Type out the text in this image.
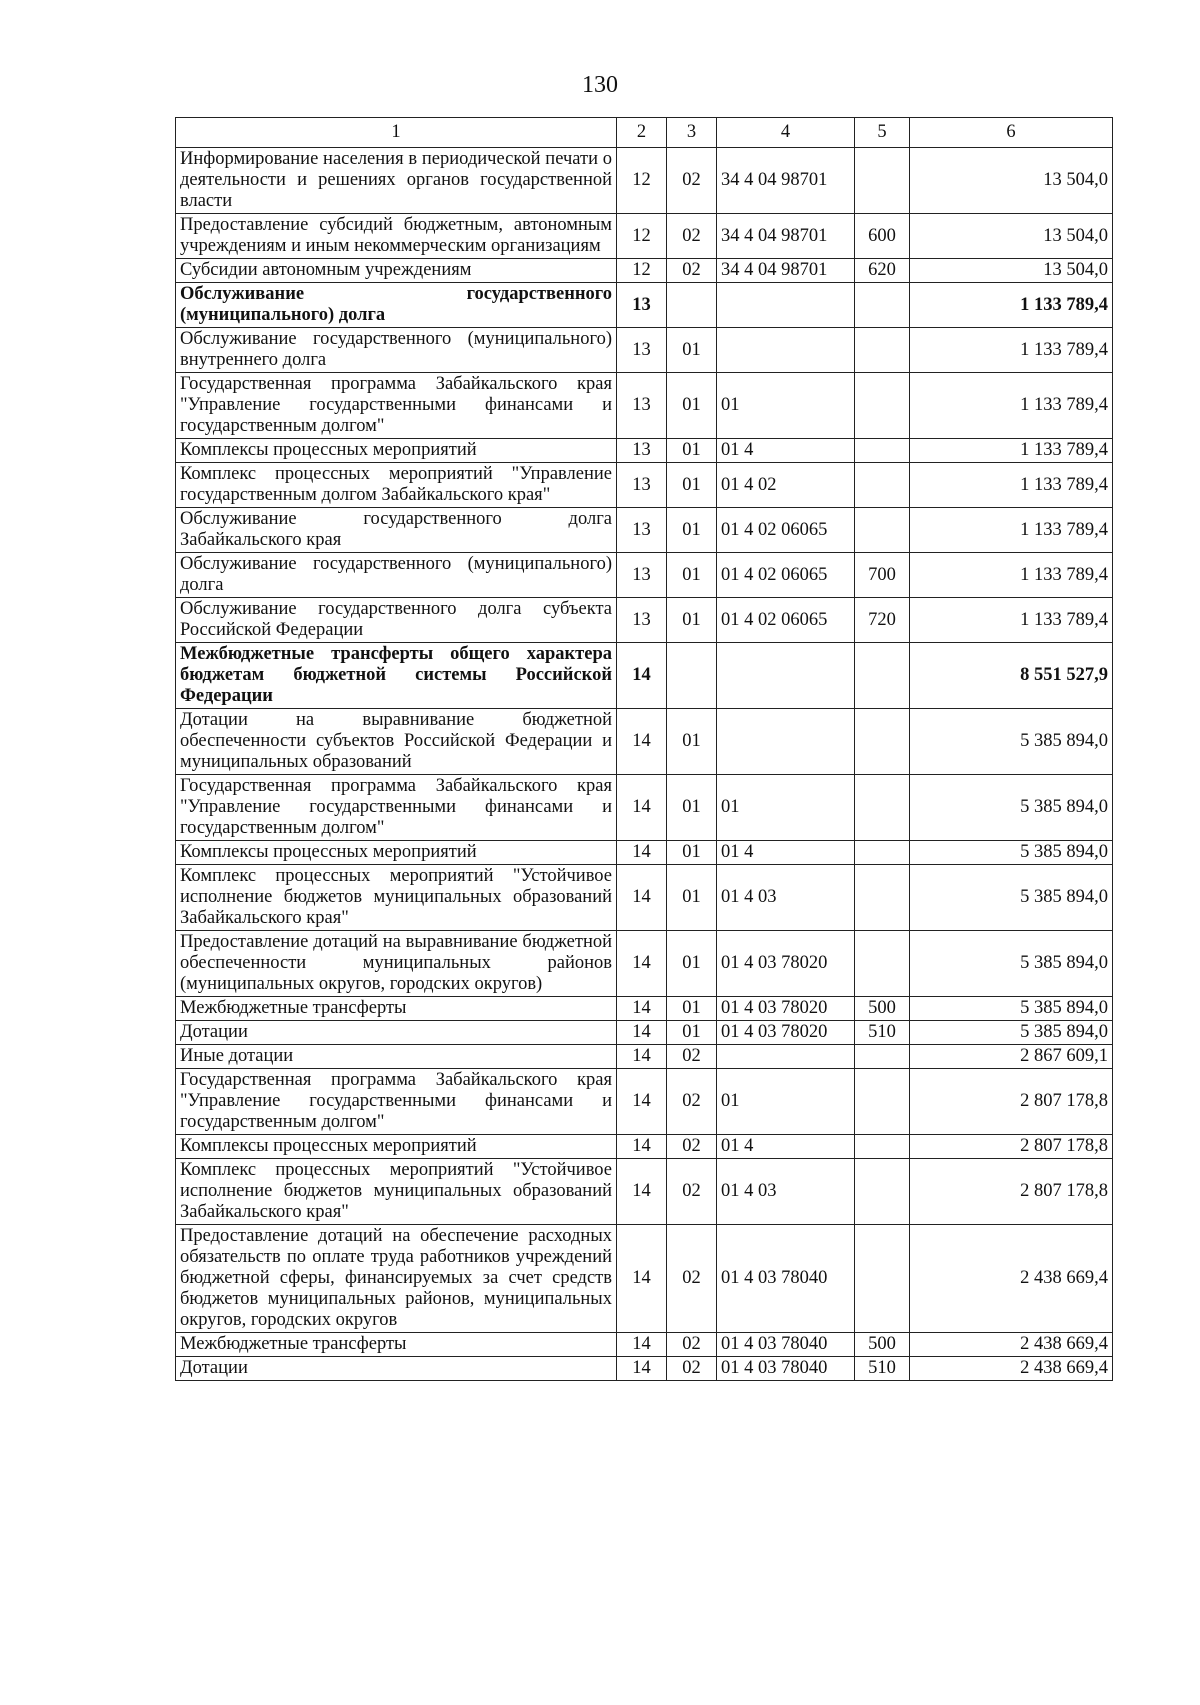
130
1	2	3	4	5	6
Информирование населения в периодической печати о деятельности и решениях органов государственной власти	12	02	34 4 04 98701		13 504,0
Предоставление субсидий бюджетным, автономным учреждениям и иным некоммерческим организациям	12	02	34 4 04 98701	600	13 504,0
Субсидии автономным учреждениям	12	02	34 4 04 98701	620	13 504,0
Обслуживание государственного (муниципального) долга	13				1 133 789,4
Обслуживание государственного (муниципального) внутреннего долга	13	01			1 133 789,4
Государственная программа Забайкальского края "Управление государственными финансами и государственным долгом"	13	01	01		1 133 789,4
Комплексы процессных мероприятий	13	01	01 4		1 133 789,4
Комплекс процессных мероприятий "Управление государственным долгом Забайкальского края"	13	01	01 4 02		1 133 789,4
Обслуживание государственного долга Забайкальского края	13	01	01 4 02 06065		1 133 789,4
Обслуживание государственного (муниципального) долга	13	01	01 4 02 06065	700	1 133 789,4
Обслуживание государственного долга субъекта Российской Федерации	13	01	01 4 02 06065	720	1 133 789,4
Межбюджетные трансферты общего характера бюджетам бюджетной системы Российской Федерации	14				8 551 527,9
Дотации на выравнивание бюджетной обеспеченности субъектов Российской Федерации и муниципальных образований	14	01			5 385 894,0
Государственная программа Забайкальского края "Управление государственными финансами и государственным долгом"	14	01	01		5 385 894,0
Комплексы процессных мероприятий	14	01	01 4		5 385 894,0
Комплекс процессных мероприятий "Устойчивое исполнение бюджетов муниципальных образований Забайкальского края"	14	01	01 4 03		5 385 894,0
Предоставление дотаций на выравнивание бюджетной обеспеченности муниципальных районов (муниципальных округов, городских округов)	14	01	01 4 03 78020		5 385 894,0
Межбюджетные трансферты	14	01	01 4 03 78020	500	5 385 894,0
Дотации	14	01	01 4 03 78020	510	5 385 894,0
Иные дотации	14	02			2 867 609,1
Государственная программа Забайкальского края "Управление государственными финансами и государственным долгом"	14	02	01		2 807 178,8
Комплексы процессных мероприятий	14	02	01 4		2 807 178,8
Комплекс процессных мероприятий "Устойчивое исполнение бюджетов муниципальных образований Забайкальского края"	14	02	01 4 03		2 807 178,8
Предоставление дотаций на обеспечение расходных обязательств по оплате труда работников учреждений бюджетной сферы, финансируемых за счет средств бюджетов муниципальных районов, муниципальных округов, городских округов	14	02	01 4 03 78040		2 438 669,4
Межбюджетные трансферты	14	02	01 4 03 78040	500	2 438 669,4
Дотации	14	02	01 4 03 78040	510	2 438 669,4
